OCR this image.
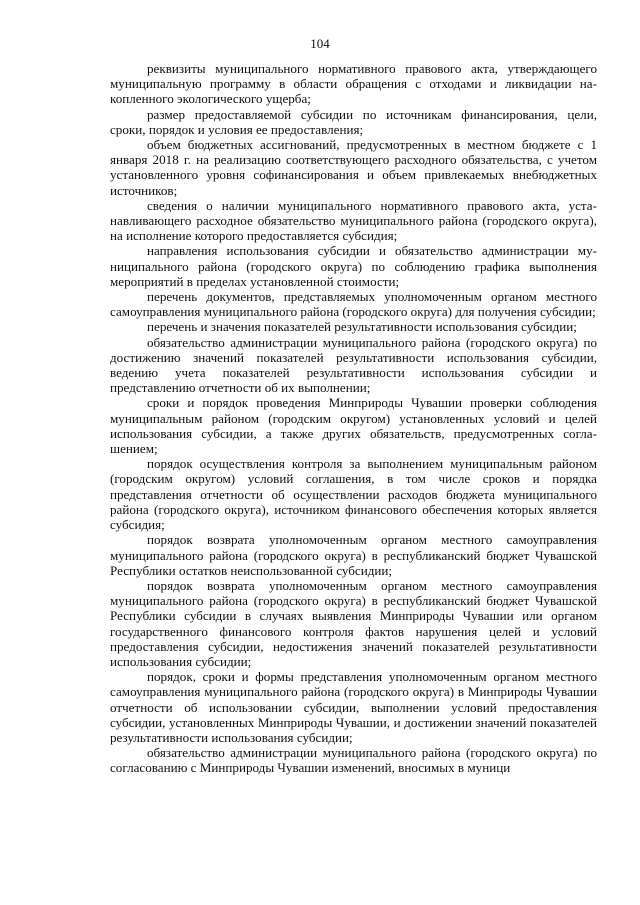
104

реквизиты муниципального нормативного правового акта, утверждающего муниципальную программу в области обращения с отходами и ликвидации накопленного экологического ущерба;

размер предоставляемой субсидии по источникам финансирования, цели, сроки, порядок и условия ее предоставления;

объем бюджетных ассигнований, предусмотренных в местном бюджете с 1 января 2018 г. на реализацию соответствующего расходного обязательства, с учетом установленного уровня софинансирования и объем привлекаемых внебюджетных источников;

сведения о наличии муниципального нормативного правового акта, устанавливающего расходное обязательство муниципального района (городского округа), на исполнение которого предоставляется субсидия;

направления использования субсидии и обязательство администрации муниципального района (городского округа) по соблюдению графика выполнения мероприятий в пределах установленной стоимости;

перечень документов, представляемых уполномоченным органом местного самоуправления муниципального района (городского округа) для получения субсидии;

перечень и значения показателей результативности использования субсидии;

обязательство администрации муниципального района (городского округа) по достижению значений показателей результативности использования субсидии, ведению учета показателей результативности использования субсидии и представлению отчетности об их выполнении;

сроки и порядок проведения Минприроды Чувашии проверки соблюдения муниципальным районом (городским округом) установленных условий и целей использования субсидии, а также других обязательств, предусмотренных соглашением;

порядок осуществления контроля за выполнением муниципальным районом (городским округом) условий соглашения, в том числе сроков и порядка представления отчетности об осуществлении расходов бюджета муниципального района (городского округа), источником финансового обеспечения которых является субсидия;

порядок возврата уполномоченным органом местного самоуправления муниципального района (городского округа) в республиканский бюджет Чувашской Республики остатков неиспользованной субсидии;

порядок возврата уполномоченным органом местного самоуправления муниципального района (городского округа) в республиканский бюджет Чувашской Республики субсидии в случаях выявления Минприроды Чувашии или органом государственного финансового контроля фактов нарушения целей и условий предоставления субсидии, недостижения значений показателей результативности использования субсидии;

порядок, сроки и формы представления уполномоченным органом местного самоуправления муниципального района (городского округа) в Минприроды Чувашии отчетности об использовании субсидии, выполнении условий предоставления субсидии, установленных Минприроды Чувашии, и достижении значений показателей результативности использования субсидии;

обязательство администрации муниципального района (городского округа) по согласованию с Минприроды Чувашии изменений, вносимых в муници
